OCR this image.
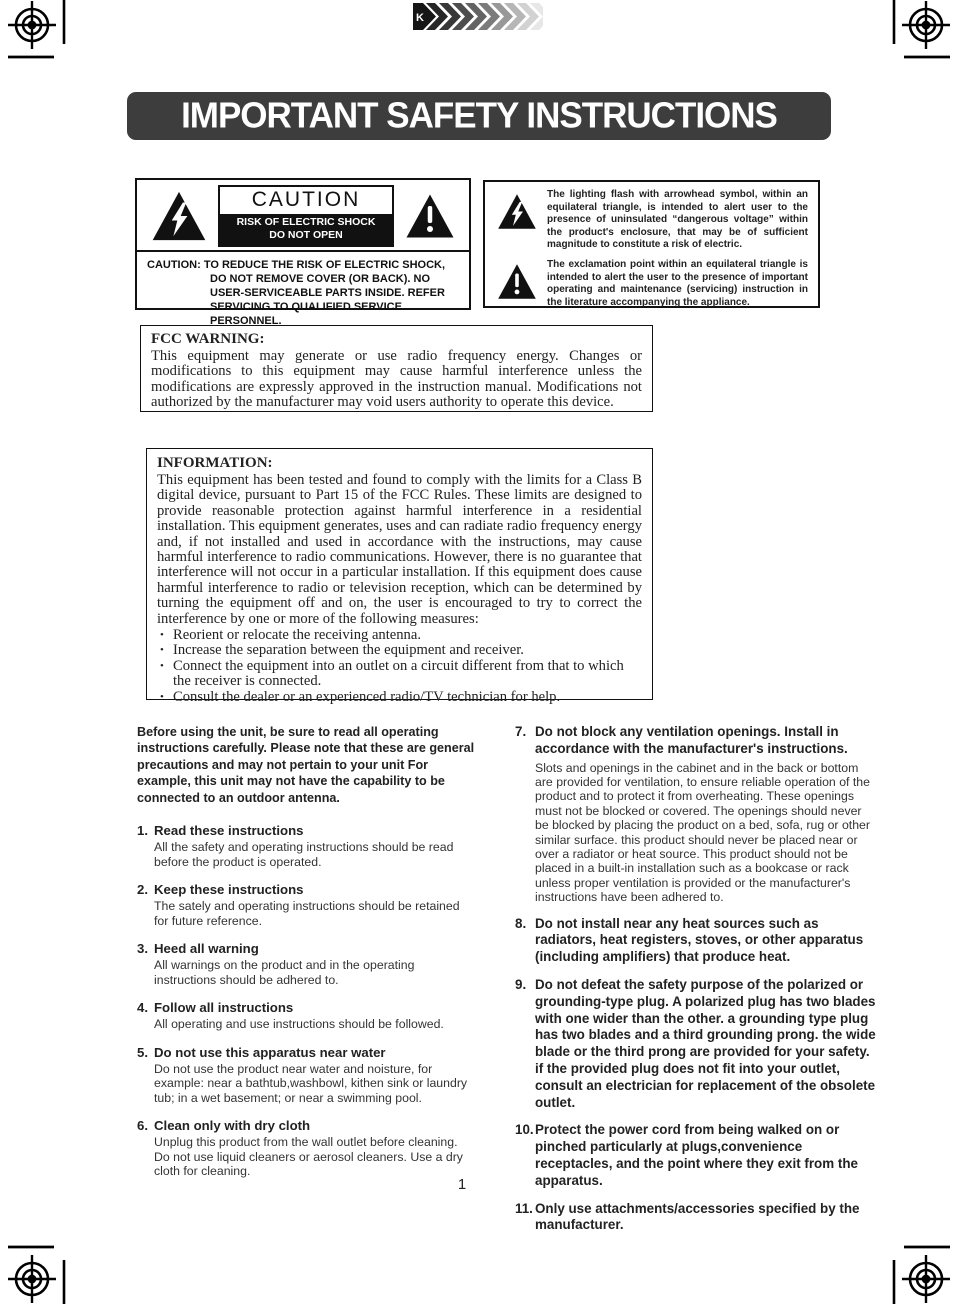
K
IMPORTANT SAFETY INSTRUCTIONS
CAUTION
RISK OF ELECTRIC SHOCK
DO NOT OPEN
CAUTION: TO REDUCE THE RISK OF ELECTRIC SHOCK, DO NOT REMOVE COVER (OR BACK). NO USER-SERVICEABLE PARTS INSIDE. REFER SERVICING TO QUALIFIED SERVICE PERSONNEL.

The lighting flash with arrowhead symbol, within an equilateral triangle, is intended to alert user to the presence of uninsulated “dangerous voltage” within the product's enclosure, that may be of sufficient magnitude to constitute a risk of electric.

The exclamation point within an equilateral triangle is intended to alert the user to the presence of important operating and maintenance (servicing) instruction in the literature accompanying the appliance.

FCC WARNING:

This equipment may generate or use radio frequency energy. Changes or modifications to this equipment may cause harmful interference unless the modifications are expressly approved in the instruction manual. Modifications not authorized by the manufacturer may void users authority to operate this device.

INFORMATION:

This equipment has been tested and found to comply with the limits for a Class B digital device, pursuant to Part 15 of the FCC Rules. These limits are designed to provide reasonable protection against harmful interference in a residential installation. This equipment generates, uses and can radiate radio frequency energy and, if not installed and used in accordance with the instructions, may cause harmful interference to radio communications. However, there is no guarantee that interference will not occur in a particular installation. If this equipment does cause harmful interference to radio or television reception, which can be determined by turning the equipment off and on, the user is encouraged to try to correct the interference by one or more of the following measures:

• Reorient or relocate the receiving antenna.
• Increase the separation between the equipment and receiver.
• Connect the equipment into an outlet on a circuit different from that to which the receiver is connected.
• Consult the dealer or an experienced radio/TV technician for help.

Before using the unit, be sure to read all operating instructions carefully. Please note that these are general precautions and may not pertain to your unit For example, this unit may not have the capability to be connected to an outdoor antenna.

1. Read these instructions

All the safety and operating instructions should be read before the product is operated.

2. Keep these instructions

The sately and operating instructions should be retained for future reference.

3. Heed all warning

All warnings on the product and in the operating instructions should be adhered to.

4. Follow all instructions

All operating and use instructions should be followed.

5. Do not use this apparatus near water

Do not use the product near water and noisture, for example: near a bathtub,washbowl, kithen sink or laundry tub; in a wet basement; or near a swimming pool.

6. Clean only with dry cloth

Unplug this product from the wall outlet before cleaning. Do not use liquid cleaners or aerosol cleaners. Use a dry cloth for cleaning.

7. Do not block any ventilation openings. Install in accordance with the manufacturer's instructions.

Slots and openings in the cabinet and in the back or bottom are provided for ventilation, to ensure reliable operation of the product and to protect it from overheating. These openings must not be blocked or covered. The openings should never be blocked by placing the product on a bed, sofa, rug or other similar surface. this product should never be placed near or over a radiator or heat source. This product should not be placed in a built-in installation such as a bookcase or rack unless proper ventilation is provided or the manufacturer's instructions have been adhered to.

8. Do not install near any heat sources such as radiators, heat registers, stoves, or other apparatus (including amplifiers) that produce heat.
9. Do not defeat the safety purpose of the polarized or grounding-type plug. A polarized plug has two blades with one wider than the other. a grounding type plug has two blades and a third grounding prong. the wide blade or the third prong are provided for your safety. if the provided plug does not fit into your outlet, consult an electrician for replacement of the obsolete outlet.
10. Protect the power cord from being walked on or pinched particularly at plugs,convenience receptacles, and the point where they exit from the apparatus.
11. Only use attachments/accessories specified by the manufacturer.
1
